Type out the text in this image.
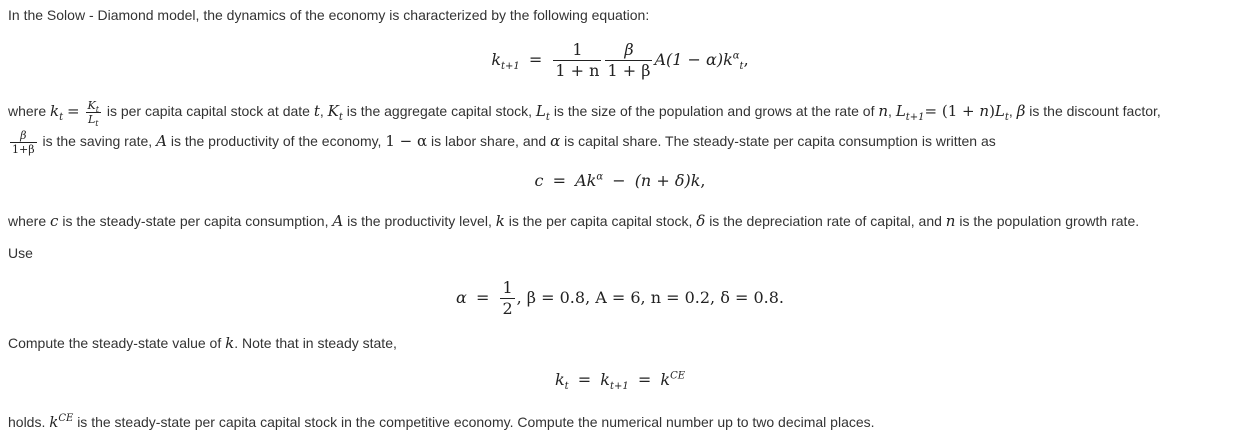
In the Solow - Diamond model, the dynamics of the economy is characterized by the following equation:
$k_{t+1} = \frac{1}{1 + n} \frac{\beta}{1 + \beta} A(1 - \alpha)k^\alpha_t$,
where $k_t = \frac{K_t}{L_t}$ is per capita capital stock at date t, $K_t$ is the aggregate capital stock, $L_t$ is the size of the population and grows at the rate of n, $L_{t+1}= (1 + n)L_t$, β is the discount factor,
$\frac{\beta}{1+\beta}$ is the saving rate, A is the productivity of the economy, 1 − α is labor share, and α is capital share. The steady-state per capita consumption is written as
$c = Ak^\alpha - (n + \delta)k$,
where c is the steady-state per capita consumption, A is the productivity level, k is the per capita capital stock, δ is the depreciation rate of capital, and n is the population growth rate.
Use
$\alpha = \frac{1}{2}$ , β = 0.8, A = 6, n = 0.2, δ = 0.8.
Compute the steady-state value of k. Note that in steady state,
$k_t = k_{t+1} = k^{CE}$
holds. $k^{CE}$ is the steady-state per capita capital stock in the competitive economy. Compute the numerical number up to two decimal places.
